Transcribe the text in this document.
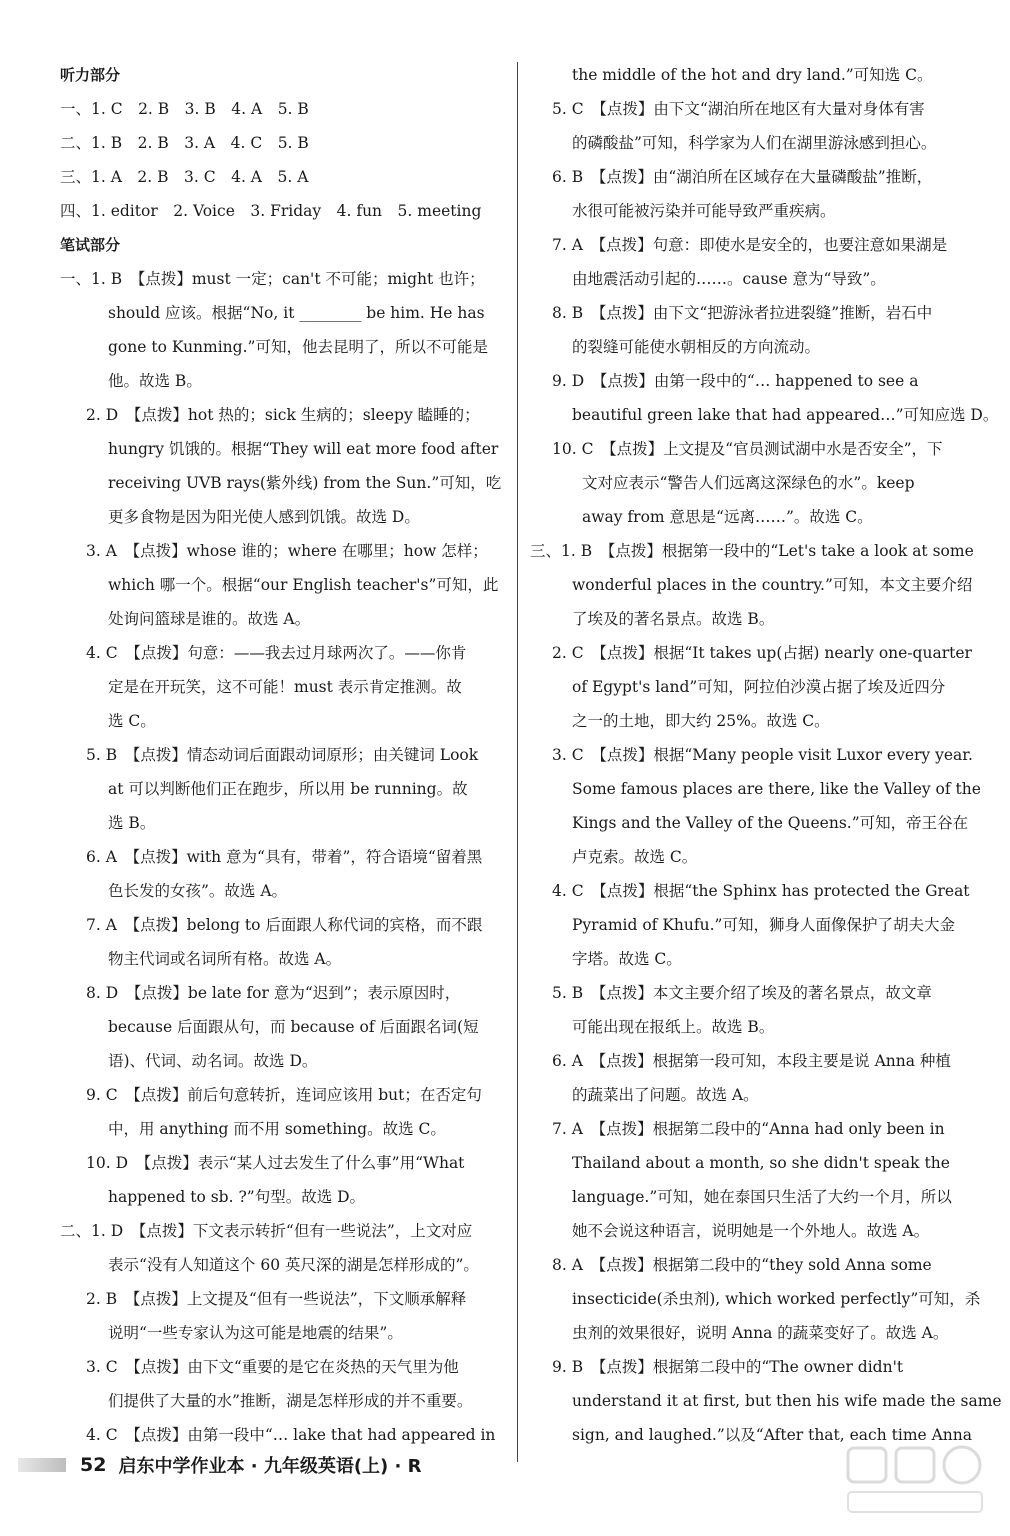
听力部分
一、1. C　2. B　3. B　4. A　5. B
二、1. B　2. B　3. A　4. C　5. B
三、1. A　2. B　3. C　4. A　5. A
四、1. editor　2. Voice　3. Friday　4. fun　5. meeting
笔试部分
一、1. B　【点拨】must 一定；can't 不可能；might 也许；
should 应该。根据“No, it ________ be him. He has
gone to Kunming.”可知，他去昆明了，所以不可能是
他。故选 B。
2. D　【点拨】hot 热的；sick 生病的；sleepy 瞌睡的；
hungry 饥饿的。根据“They will eat more food after
receiving UVB rays(紫外线) from the Sun.”可知，吃
更多食物是因为阳光使人感到饥饿。故选 D。
3. A　【点拨】whose 谁的；where 在哪里；how 怎样；
which 哪一个。根据“our English teacher's”可知，此
处询问篮球是谁的。故选 A。
4. C　【点拨】句意：——我去过月球两次了。——你肯
定是在开玩笑，这不可能！must 表示肯定推测。故
选 C。
5. B　【点拨】情态动词后面跟动词原形；由关键词 Look
at 可以判断他们正在跑步，所以用 be running。故
选 B。
6. A　【点拨】with 意为“具有，带着”，符合语境“留着黑
色长发的女孩”。故选 A。
7. A　【点拨】belong to 后面跟人称代词的宾格，而不跟
物主代词或名词所有格。故选 A。
8. D　【点拨】be late for 意为“迟到”；表示原因时，
because 后面跟从句，而 because of 后面跟名词(短
语)、代词、动名词。故选 D。
9. C　【点拨】前后句意转折，连词应该用 but；在否定句
中，用 anything 而不用 something。故选 C。
10. D　【点拨】表示“某人过去发生了什么事”用“What
happened to sb. ?”句型。故选 D。
二、1. D　【点拨】下文表示转折“但有一些说法”，上文对应
表示“没有人知道这个 60 英尺深的湖是怎样形成的”。
2. B　【点拨】上文提及“但有一些说法”，下文顺承解释
说明“一些专家认为这可能是地震的结果”。
3. C　【点拨】由下文“重要的是它在炎热的天气里为他
们提供了大量的水”推断，湖是怎样形成的并不重要。
4. C　【点拨】由第一段中“… lake that had appeared in
the middle of the hot and dry land.”可知选 C。
5. C　【点拨】由下文“湖泊所在地区有大量对身体有害
的磷酸盐”可知，科学家为人们在湖里游泳感到担心。
6. B　【点拨】由“湖泊所在区域存在大量磷酸盐”推断，
水很可能被污染并可能导致严重疾病。
7. A　【点拨】句意：即使水是安全的，也要注意如果湖是
由地震活动引起的……。cause 意为“导致”。
8. B　【点拨】由下文“把游泳者拉进裂缝”推断，岩石中
的裂缝可能使水朝相反的方向流动。
9. D　【点拨】由第一段中的“… happened to see a
beautiful green lake that had appeared…”可知应选 D。
10. C　【点拨】上文提及“官员测试湖中水是否安全”，下
文对应表示“警告人们远离这深绿色的水”。keep
away from 意思是“远离……”。故选 C。
三、1. B　【点拨】根据第一段中的“Let's take a look at some
wonderful places in the country.”可知，本文主要介绍
了埃及的著名景点。故选 B。
2. C　【点拨】根据“It takes up(占据) nearly one-quarter
of Egypt's land”可知，阿拉伯沙漠占据了埃及近四分
之一的土地，即大约 25%。故选 C。
3. C　【点拨】根据“Many people visit Luxor every year.
Some famous places are there, like the Valley of the
Kings and the Valley of the Queens.”可知，帝王谷在
卢克索。故选 C。
4. C　【点拨】根据“the Sphinx has protected the Great
Pyramid of Khufu.”可知，狮身人面像保护了胡夫大金
字塔。故选 C。
5. B　【点拨】本文主要介绍了埃及的著名景点，故文章
可能出现在报纸上。故选 B。
6. A　【点拨】根据第一段可知，本段主要是说 Anna 种植
的蔬菜出了问题。故选 A。
7. A　【点拨】根据第二段中的“Anna had only been in
Thailand about a month, so she didn't speak the
language.”可知，她在泰国只生活了大约一个月，所以
她不会说这种语言，说明她是一个外地人。故选 A。
8. A　【点拨】根据第二段中的“they sold Anna some
insecticide(杀虫剂), which worked perfectly”可知，杀
虫剂的效果很好，说明 Anna 的蔬菜变好了。故选 A。
9. B　【点拨】根据第二段中的“The owner didn't
understand it at first, but then his wife made the same
sign, and laughed.”以及“After that, each time Anna
52 启东中学作业本 · 九年级英语(上) · R
